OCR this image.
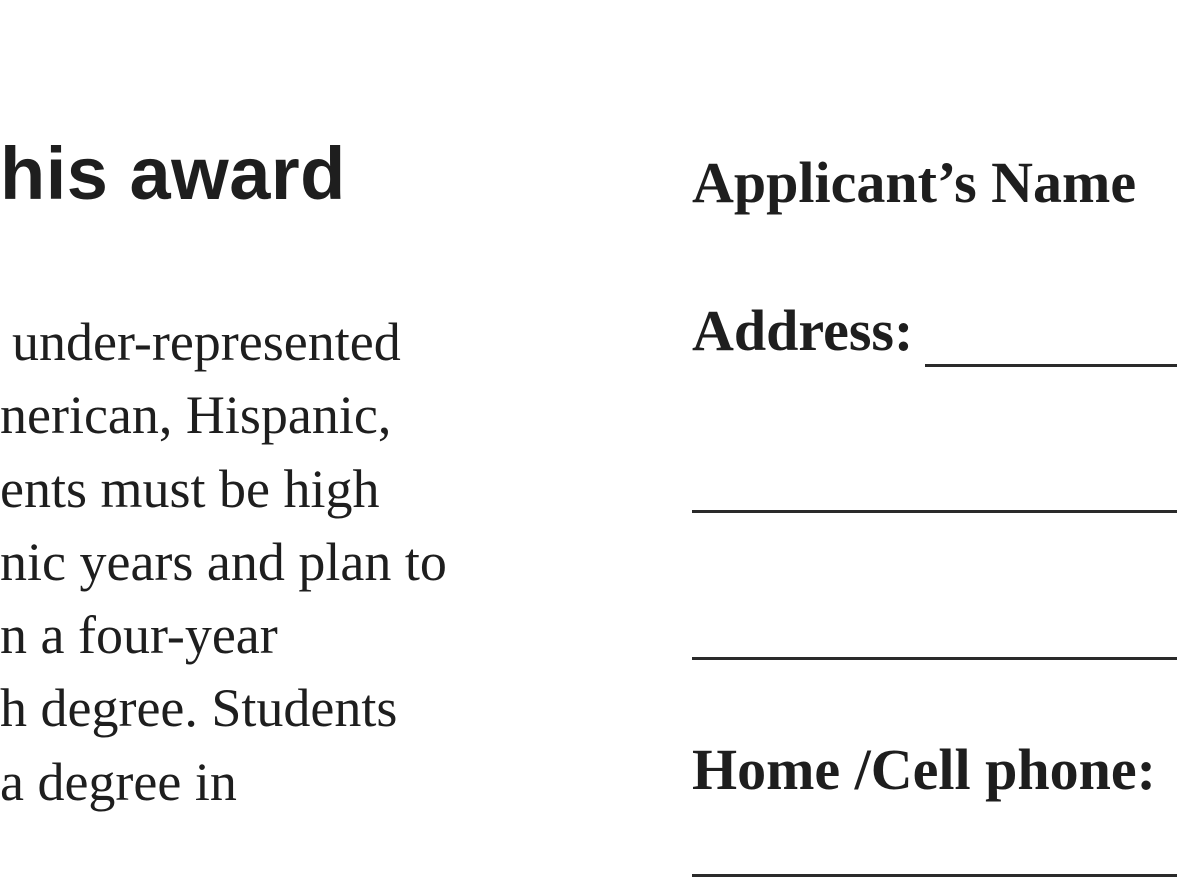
his award
under-represented
nerican, Hispanic,
ents must be high
nic years and plan to
n a four-year
h degree. Students
a degree in
Applicant’s Name
Address:
Home /Cell phone:
